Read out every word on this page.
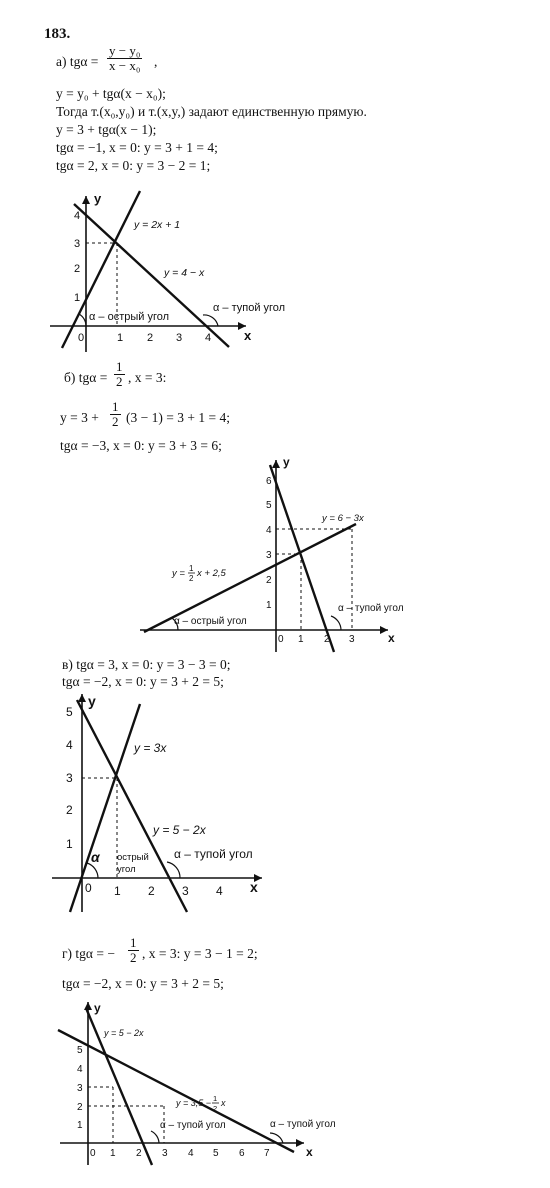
183.
а) $tg\alpha = \frac{\text{y − y₀}}{\text{x − x₀}}$ ,
y = y₀ + tgα(x − x₀);
Тогда т.(x₀,y₀) и т.(x,y,) задают единственную прямую.
y = 3 + tgα(x − 1);
tgα = −1, x = 0: y = 3 + 1 = 4;
tgα = 2, x = 0: y = 3 − 2 = 1;
1 2 3 4
1
2
3
4
0	x
y
y = 2x + 1
y = 4 − x
α – острый угол
α – тупой угол
б) $tg\alpha = \frac{1}{2}$ , x = 3:
$y = 3 + \frac{1}{2} (3 - 1) = 3 + 1 = 4$;
tgα = −3, x = 0: y = 3 + 3 = 6;
1 2 3
1
2
3
4
5
6
0	x
y
y = 6 − 3x
y = 1
2 x + 2,5
α – острый угол
α – тупой угол
в) tgα = 3, x = 0: y = 3 − 3 = 0;
tgα = −2, x = 0: y = 3 + 2 = 5;
1 2 3 4
1
2
3
4
5
0	x
y
y = 3x
y = 5 − 2x
α острый
угол
α – тупой угол
г) tgα = − $\frac{1}{2}$ , x = 3: y = 3 − 1 = 2;
tgα = −2, x = 0: y = 3 + 2 = 5;
1 2 3 4 5 6 7
1
2
3
4
5
0	x
y
y = 5 − 2x
y = 3,5 − 1
2
x
α – тупой угол	α – тупой угол
